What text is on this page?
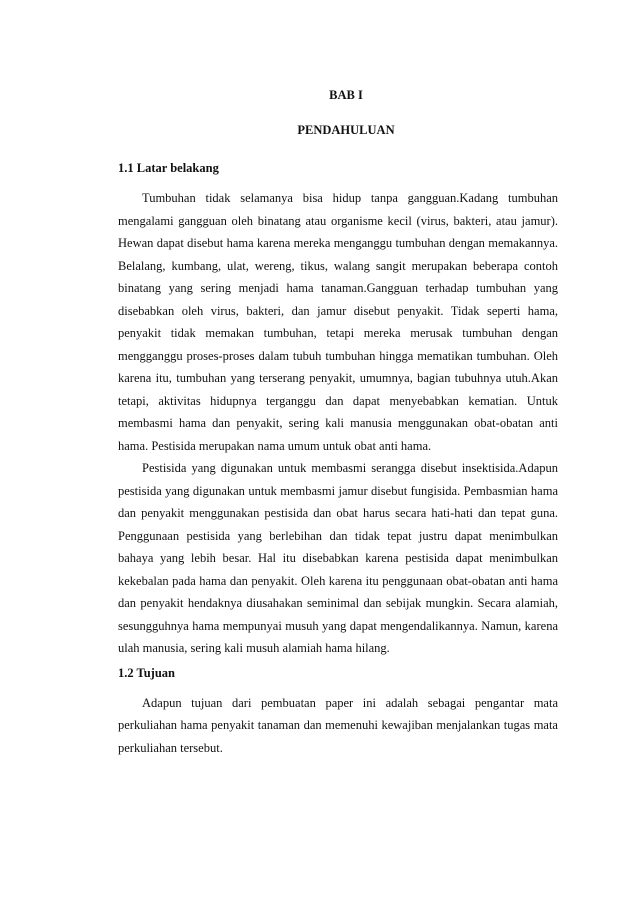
BAB I
PENDAHULUAN
1.1 Latar belakang

Tumbuhan tidak selamanya bisa hidup tanpa gangguan.Kadang tumbuhan mengalami gangguan oleh binatang atau organisme kecil (virus, bakteri, atau jamur). Hewan dapat disebut hama karena mereka menganggu tumbuhan dengan memakannya. Belalang, kumbang, ulat, wereng, tikus, walang sangit merupakan beberapa contoh binatang yang sering menjadi hama tanaman.Gangguan terhadap tumbuhan yang disebabkan oleh virus, bakteri, dan jamur disebut penyakit. Tidak seperti hama, penyakit tidak memakan tumbuhan, tetapi mereka merusak tumbuhan dengan mengganggu proses-proses dalam tubuh tumbuhan hingga mematikan tumbuhan. Oleh karena itu, tumbuhan yang terserang penyakit, umumnya, bagian tubuhnya utuh.Akan tetapi, aktivitas hidupnya terganggu dan dapat menyebabkan kematian. Untuk membasmi hama dan penyakit, sering kali manusia menggunakan obat-obatan anti hama. Pestisida merupakan nama umum untuk obat anti hama.

Pestisida yang digunakan untuk membasmi serangga disebut insektisida.Adapun pestisida yang digunakan untuk membasmi jamur disebut fungisida. Pembasmian hama dan penyakit menggunakan pestisida dan obat harus secara hati-hati dan tepat guna. Penggunaan pestisida yang berlebihan dan tidak tepat justru dapat menimbulkan bahaya yang lebih besar. Hal itu disebabkan karena pestisida dapat menimbulkan kekebalan pada hama dan penyakit. Oleh karena itu penggunaan obat-obatan anti hama dan penyakit hendaknya diusahakan seminimal dan sebijak mungkin. Secara alamiah, sesungguhnya hama mempunyai musuh yang dapat mengendalikannya. Namun, karena ulah manusia, sering kali musuh alamiah hama hilang.

1.2 Tujuan

Adapun tujuan dari pembuatan paper ini adalah sebagai pengantar mata perkuliahan hama penyakit tanaman dan memenuhi kewajiban menjalankan tugas mata perkuliahan tersebut.
